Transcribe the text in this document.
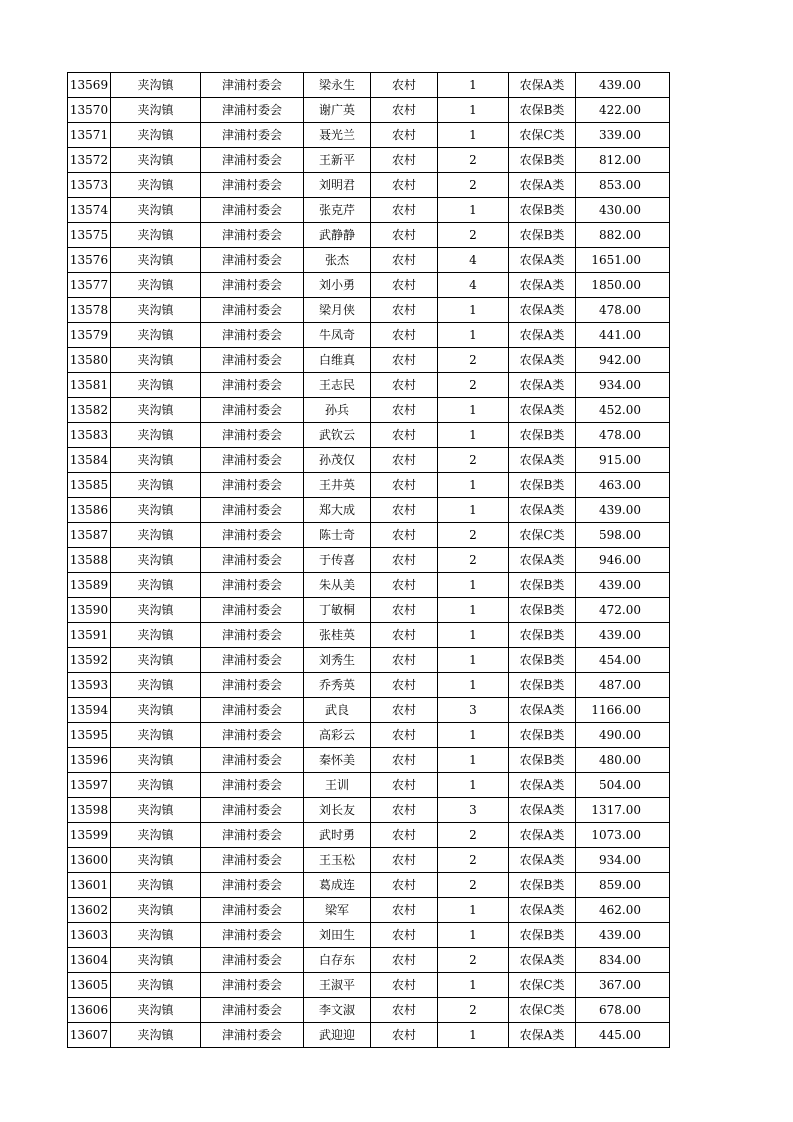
13569	夹沟镇	津浦村委会	梁永生	农村	1	农保A类	439.00
13570	夹沟镇	津浦村委会	谢广英	农村	1	农保B类	422.00
13571	夹沟镇	津浦村委会	聂光兰	农村	1	农保C类	339.00
13572	夹沟镇	津浦村委会	王新平	农村	2	农保B类	812.00
13573	夹沟镇	津浦村委会	刘明君	农村	2	农保A类	853.00
13574	夹沟镇	津浦村委会	张克芹	农村	1	农保B类	430.00
13575	夹沟镇	津浦村委会	武静静	农村	2	农保B类	882.00
13576	夹沟镇	津浦村委会	张杰	农村	4	农保A类	1651.00
13577	夹沟镇	津浦村委会	刘小勇	农村	4	农保A类	1850.00
13578	夹沟镇	津浦村委会	梁月侠	农村	1	农保A类	478.00
13579	夹沟镇	津浦村委会	牛凤奇	农村	1	农保A类	441.00
13580	夹沟镇	津浦村委会	白维真	农村	2	农保A类	942.00
13581	夹沟镇	津浦村委会	王志民	农村	2	农保A类	934.00
13582	夹沟镇	津浦村委会	孙兵	农村	1	农保A类	452.00
13583	夹沟镇	津浦村委会	武钦云	农村	1	农保B类	478.00
13584	夹沟镇	津浦村委会	孙茂仅	农村	2	农保A类	915.00
13585	夹沟镇	津浦村委会	王井英	农村	1	农保B类	463.00
13586	夹沟镇	津浦村委会	郑大成	农村	1	农保A类	439.00
13587	夹沟镇	津浦村委会	陈士奇	农村	2	农保C类	598.00
13588	夹沟镇	津浦村委会	于传喜	农村	2	农保A类	946.00
13589	夹沟镇	津浦村委会	朱从美	农村	1	农保B类	439.00
13590	夹沟镇	津浦村委会	丁敏桐	农村	1	农保B类	472.00
13591	夹沟镇	津浦村委会	张桂英	农村	1	农保B类	439.00
13592	夹沟镇	津浦村委会	刘秀生	农村	1	农保B类	454.00
13593	夹沟镇	津浦村委会	乔秀英	农村	1	农保B类	487.00
13594	夹沟镇	津浦村委会	武良	农村	3	农保A类	1166.00
13595	夹沟镇	津浦村委会	高彩云	农村	1	农保B类	490.00
13596	夹沟镇	津浦村委会	秦怀美	农村	1	农保B类	480.00
13597	夹沟镇	津浦村委会	王训	农村	1	农保A类	504.00
13598	夹沟镇	津浦村委会	刘长友	农村	3	农保A类	1317.00
13599	夹沟镇	津浦村委会	武时勇	农村	2	农保A类	1073.00
13600	夹沟镇	津浦村委会	王玉松	农村	2	农保A类	934.00
13601	夹沟镇	津浦村委会	葛成连	农村	2	农保B类	859.00
13602	夹沟镇	津浦村委会	梁军	农村	1	农保A类	462.00
13603	夹沟镇	津浦村委会	刘田生	农村	1	农保B类	439.00
13604	夹沟镇	津浦村委会	白存东	农村	2	农保A类	834.00
13605	夹沟镇	津浦村委会	王淑平	农村	1	农保C类	367.00
13606	夹沟镇	津浦村委会	李文淑	农村	2	农保C类	678.00
13607	夹沟镇	津浦村委会	武迎迎	农村	1	农保A类	445.00
